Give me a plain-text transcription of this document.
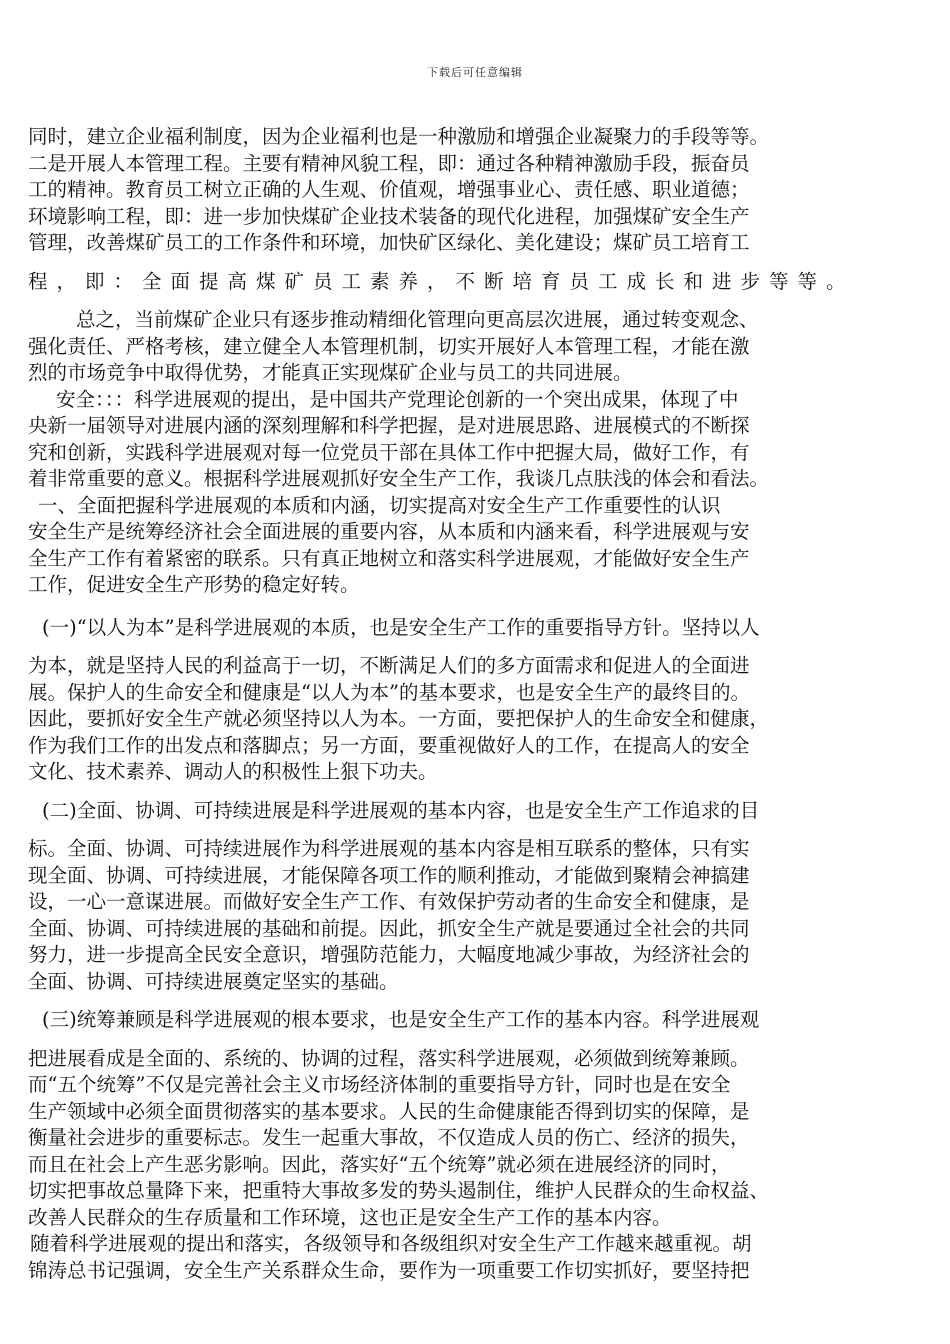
下载后可任意编辑
同时，建立企业福利制度，因为企业福利也是一种激励和增强企业凝聚力的手段等等。
二是开展人本管理工程。主要有精神风貌工程，即：通过各种精神激励手段，振奋员
工的精神。教育员工树立正确的人生观、价值观，增强事业心、责任感、职业道德；
环境影响工程，即：进一步加快煤矿企业技术装备的现代化进程，加强煤矿安全生产
管理，改善煤矿员工的工作条件和环境，加快矿区绿化、美化建设；煤矿员工培育工
程，即：全面提高煤矿员工素养，不断培育员工成长和进步等等。
总之，当前煤矿企业只有逐步推动精细化管理向更高层次进展，通过转变观念、
强化责任、严格考核，建立健全人本管理机制，切实开展好人本管理工程，才能在激
烈的市场竞争中取得优势，才能真正实现煤矿企业与员工的共同进展。
安全：：：科学进展观的提出，是中国共产党理论创新的一个突出成果，体现了中
央新一届领导对进展内涵的深刻理解和科学把握，是对进展思路、进展模式的不断探
究和创新，实践科学进展观对每一位党员干部在具体工作中把握大局，做好工作，有
着非常重要的意义。根据科学进展观抓好安全生产工作，我谈几点肤浅的体会和看法。
一、全面把握科学进展观的本质和内涵，切实提高对安全生产工作重要性的认识
安全生产是统筹经济社会全面进展的重要内容，从本质和内涵来看，科学进展观与安
全生产工作有着紧密的联系。只有真正地树立和落实科学进展观，才能做好安全生产
工作，促进安全生产形势的稳定好转。
(一)“以人为本”是科学进展观的本质，也是安全生产工作的重要指导方针。坚持以人
为本，就是坚持人民的利益高于一切，不断满足人们的多方面需求和促进人的全面进
展。保护人的生命安全和健康是“以人为本”的基本要求，也是安全生产的最终目的。
因此，要抓好安全生产就必须坚持以人为本。一方面，要把保护人的生命安全和健康，
作为我们工作的出发点和落脚点；另一方面，要重视做好人的工作，在提高人的安全
文化、技术素养、调动人的积极性上狠下功夫。
(二)全面、协调、可持续进展是科学进展观的基本内容，也是安全生产工作追求的目
标。全面、协调、可持续进展作为科学进展观的基本内容是相互联系的整体，只有实
现全面、协调、可持续进展，才能保障各项工作的顺利推动，才能做到聚精会神搞建
设，一心一意谋进展。而做好安全生产工作、有效保护劳动者的生命安全和健康，是
全面、协调、可持续进展的基础和前提。因此，抓安全生产就是要通过全社会的共同
努力，进一步提高全民安全意识，增强防范能力，大幅度地减少事故，为经济社会的
全面、协调、可持续进展奠定坚实的基础。
(三)统筹兼顾是科学进展观的根本要求，也是安全生产工作的基本内容。科学进展观
把进展看成是全面的、系统的、协调的过程，落实科学进展观，必须做到统筹兼顾。
而“五个统筹”不仅是完善社会主义市场经济体制的重要指导方针，同时也是在安全
生产领域中必须全面贯彻落实的基本要求。人民的生命健康能否得到切实的保障，是
衡量社会进步的重要标志。发生一起重大事故，不仅造成人员的伤亡、经济的损失，
而且在社会上产生恶劣影响。因此，落实好“五个统筹”就必须在进展经济的同时，
切实把事故总量降下来，把重特大事故多发的势头遏制住，维护人民群众的生命权益、
改善人民群众的生存质量和工作环境，这也正是安全生产工作的基本内容。
随着科学进展观的提出和落实，各级领导和各级组织对安全生产工作越来越重视。胡
锦涛总书记强调，安全生产关系群众生命，要作为一项重要工作切实抓好，要坚持把
